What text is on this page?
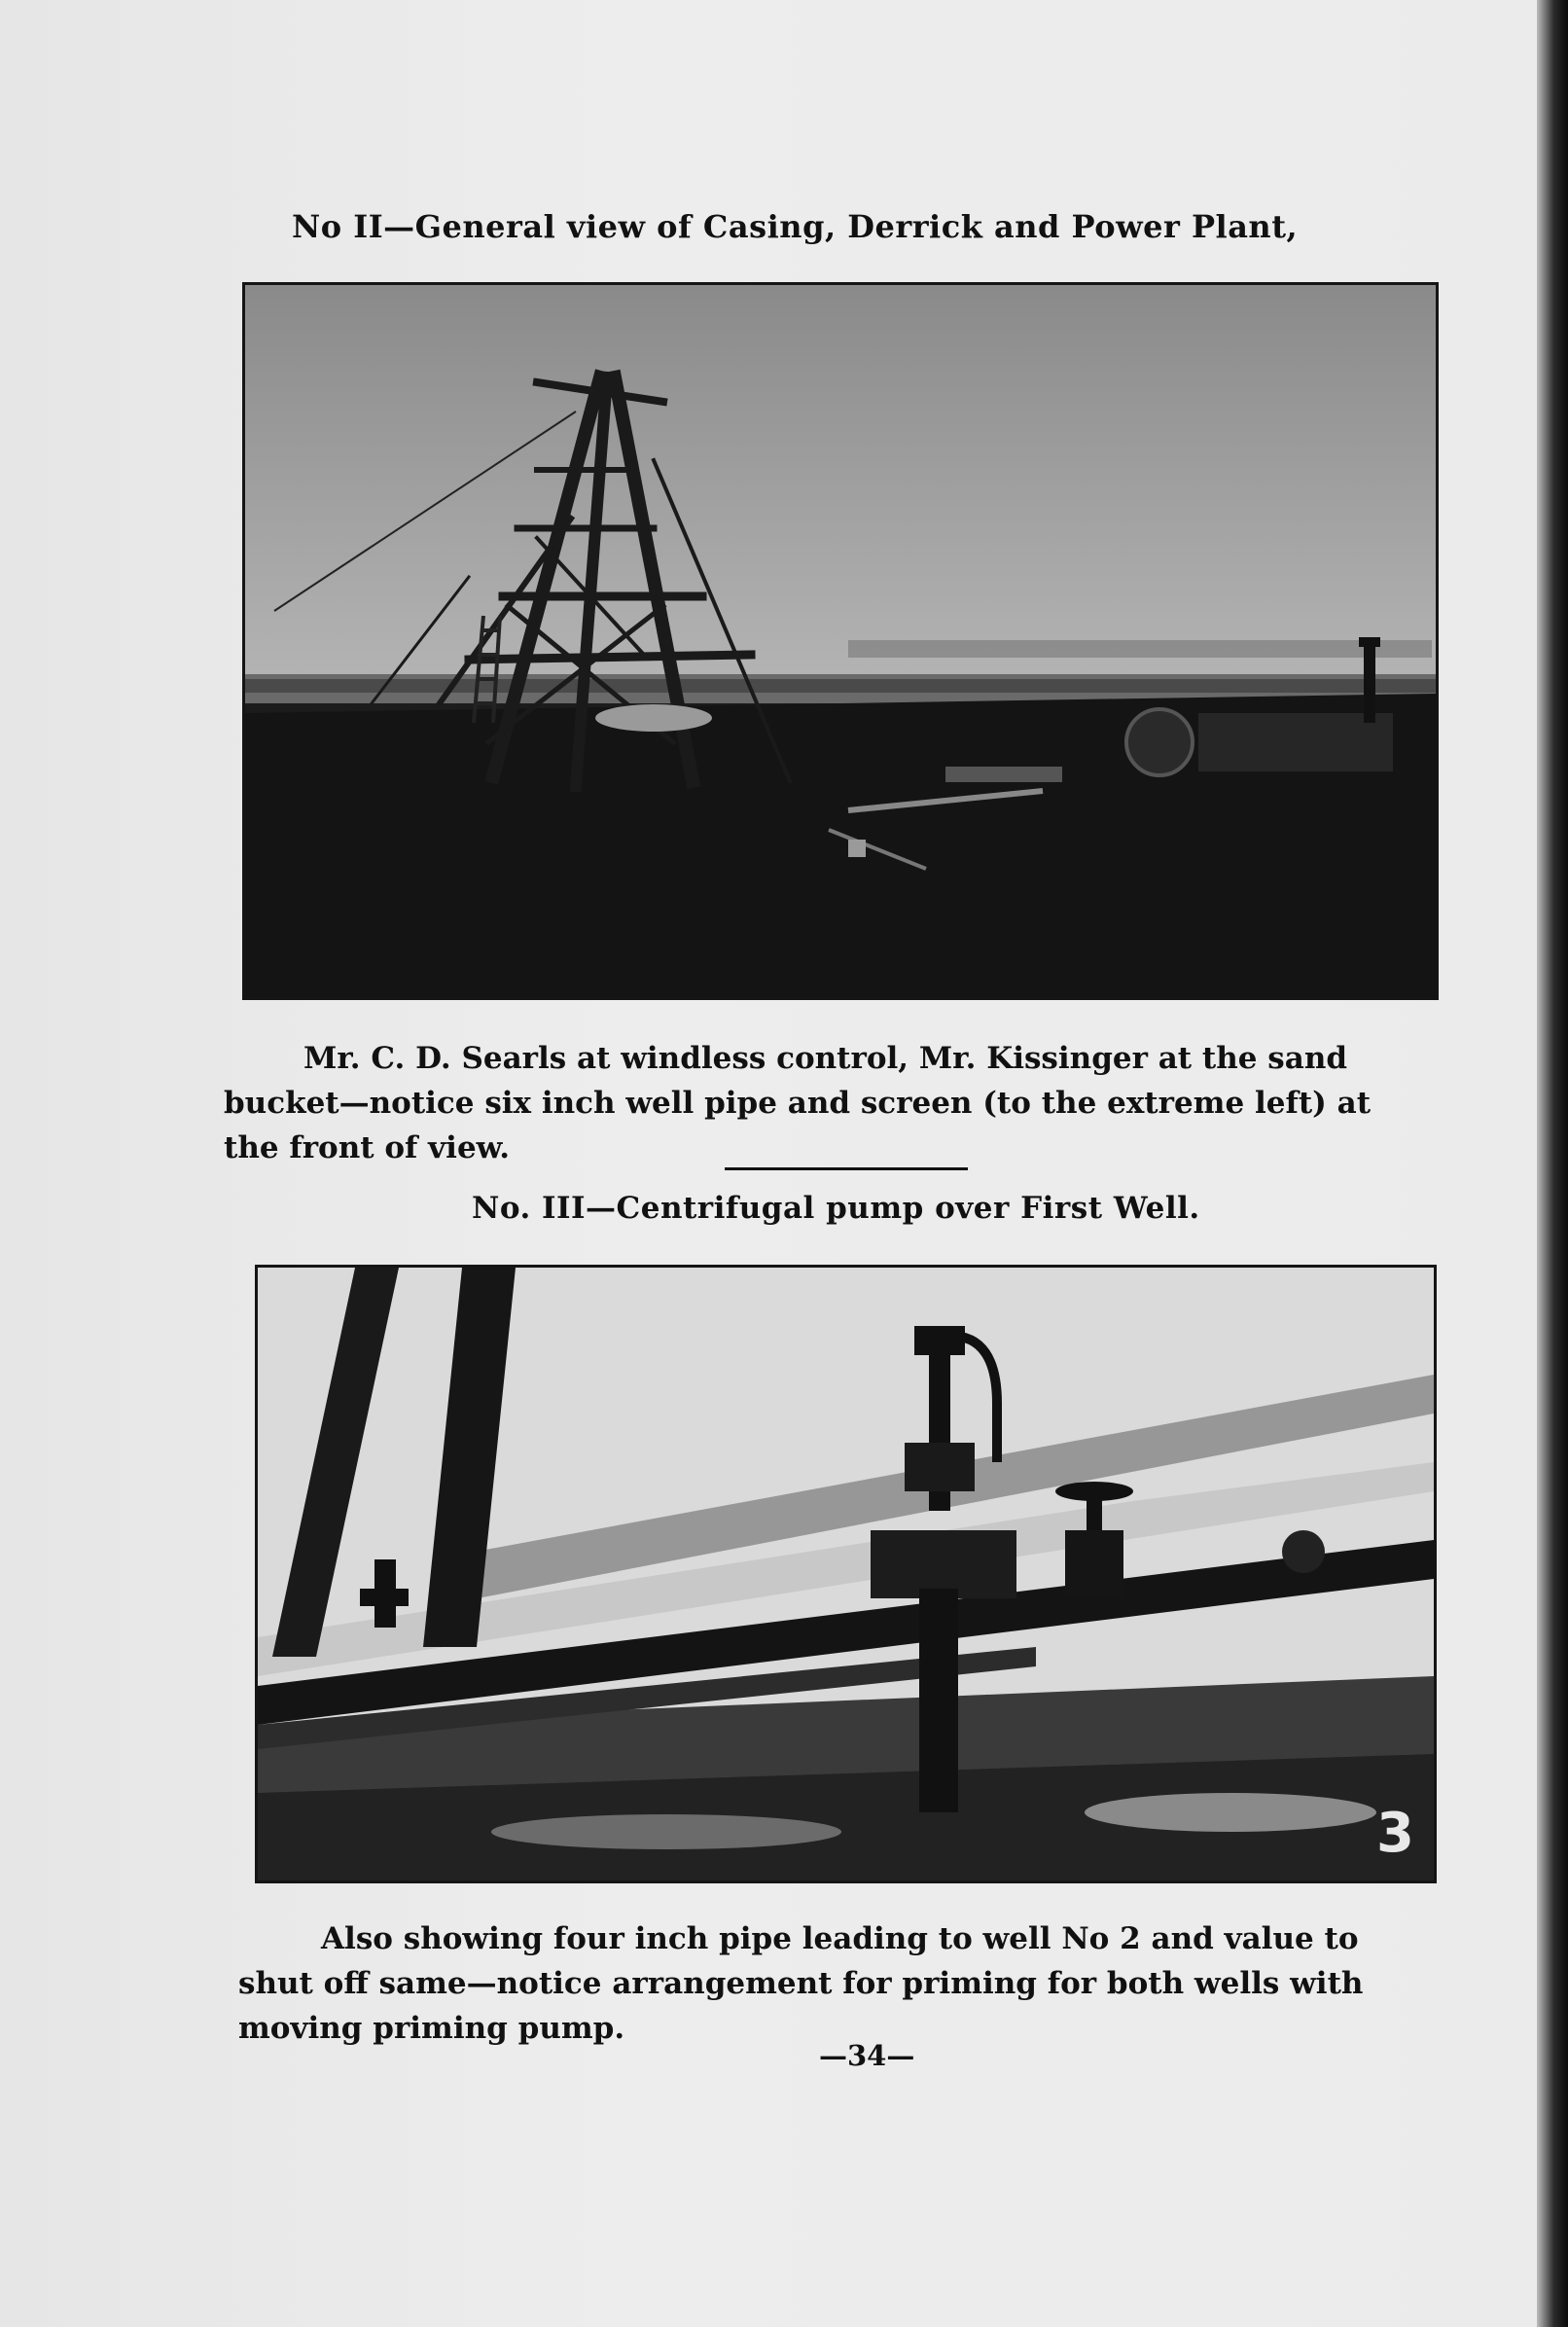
No II—General view of Casing, Derrick and Power Plant,
Mr. C. D. Searls at windless control, Mr. Kissinger at the sand
bucket—notice six inch well pipe and screen (to the extreme left) at
the front of view.
No. III—Centrifugal pump over First Well.
3
Also showing four inch pipe leading to well No 2 and value to
shut off same—notice arrangement for priming for both wells with
moving priming pump.
—34—
